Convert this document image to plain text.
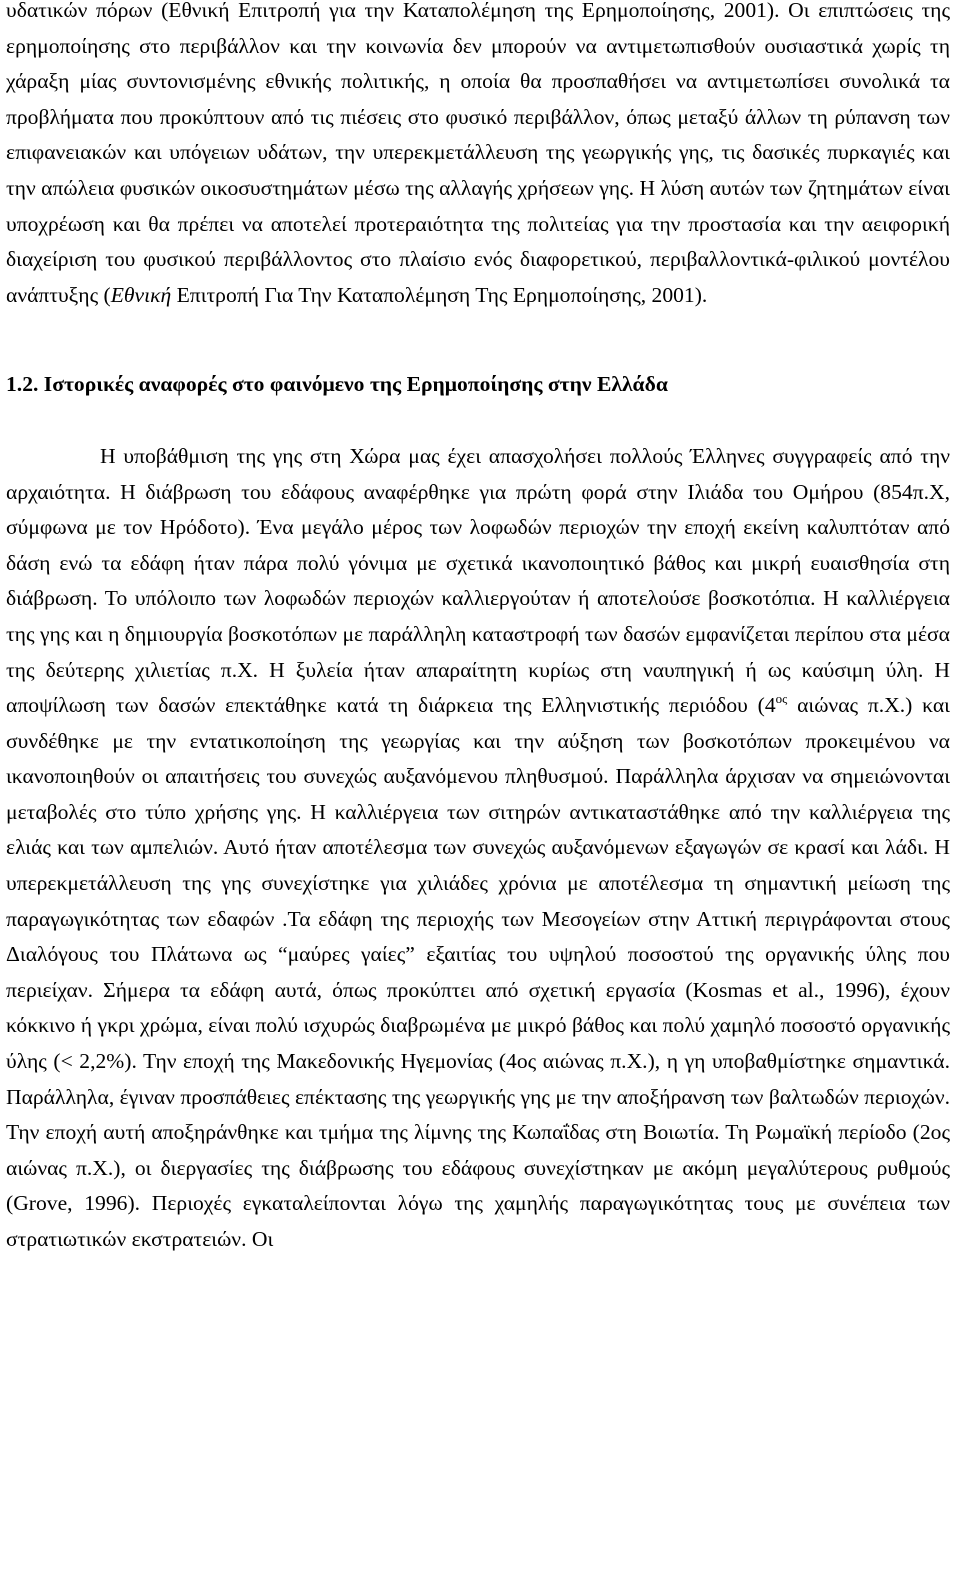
υδατικών πόρων (Εθνική Επιτροπή για την Καταπολέμηση της Ερημοποίησης, 2001). Οι επιπτώσεις της ερημοποίησης στο περιβάλλον και την κοινωνία δεν μπορούν να αντιμετωπισθούν ουσιαστικά χωρίς τη χάραξη μίας συντονισμένης εθνικής πολιτικής, η οποία θα προσπαθήσει να αντιμετωπίσει συνολικά τα προβλήματα που προκύπτουν από τις πιέσεις στο φυσικό περιβάλλον, όπως μεταξύ άλλων τη ρύπανση των επιφανειακών και υπόγειων υδάτων, την υπερεκμετάλλευση της γεωργικής γης, τις δασικές πυρκαγιές και την απώλεια φυσικών οικοσυστημάτων μέσω της αλλαγής χρήσεων γης. Η λύση αυτών των ζητημάτων είναι υποχρέωση και θα πρέπει να αποτελεί προτεραιότητα της πολιτείας για την προστασία και την αειφορική διαχείριση του φυσικού περιβάλλοντος στο πλαίσιο ενός διαφορετικού, περιβαλλοντικά-φιλικού μοντέλου ανάπτυξης (Εθνική Επιτροπή Για Την Καταπολέμηση Της Ερημοποίησης, 2001).

1.2. Ιστορικές αναφορές στο φαινόμενο της Ερημοποίησης στην Ελλάδα

Η υποβάθμιση της γης στη Χώρα μας έχει απασχολήσει πολλούς Έλληνες συγγραφείς από την αρχαιότητα. Η διάβρωση του εδάφους αναφέρθηκε για πρώτη φορά στην Ιλιάδα του Ομήρου (854π.Χ, σύμφωνα με τον Ηρόδοτο). Ένα μεγάλο μέρος των λοφωδών περιοχών την εποχή εκείνη καλυπτόταν από δάση ενώ τα εδάφη ήταν πάρα πολύ γόνιμα με σχετικά ικανοποιητικό βάθος και μικρή ευαισθησία στη διάβρωση. Το υπόλοιπο των λοφωδών περιοχών καλλιεργούταν ή αποτελούσε βοσκοτόπια. Η καλλιέργεια της γης και η δημιουργία βοσκοτόπων με παράλληλη καταστροφή των δασών εμφανίζεται περίπου στα μέσα της δεύτερης χιλιετίας π.Χ. Η ξυλεία ήταν απαραίτητη κυρίως στη ναυπηγική ή ως καύσιμη ύλη. Η αποψίλωση των δασών επεκτάθηκε κατά τη διάρκεια της Ελληνιστικής περιόδου ($4^{o\varsigma}$ αιώνας π.Χ.) και συνδέθηκε με την εντατικοποίηση της γεωργίας και την αύξηση των βοσκοτόπων προκειμένου να ικανοποιηθούν οι απαιτήσεις του συνεχώς αυξανόμενου πληθυσμού. Παράλληλα άρχισαν να σημειώνονται μεταβολές στο τύπο χρήσης γης. Η καλλιέργεια των σιτηρών αντικαταστάθηκε από την καλλιέργεια της ελιάς και των αμπελιών. Αυτό ήταν αποτέλεσμα των συνεχώς αυξανόμενων εξαγωγών σε κρασί και λάδι. Η υπερεκμετάλλευση της γης συνεχίστηκε για χιλιάδες χρόνια με αποτέλεσμα τη σημαντική μείωση της παραγωγικότητας των εδαφών .Τα εδάφη της περιοχής των Μεσογείων στην Αττική περιγράφονται στους Διαλόγους του Πλάτωνα ως “μαύρες γαίες” εξαιτίας του υψηλού ποσοστού της οργανικής ύλης που περιείχαν. Σήμερα τα εδάφη αυτά, όπως προκύπτει από σχετική εργασία (Kosmas et al., 1996), έχουν κόκκινο ή γκρι χρώμα, είναι πολύ ισχυρώς διαβρωμένα με μικρό βάθος και πολύ χαμηλό ποσοστό οργανικής ύλης (< 2,2%). Την εποχή της Μακεδονικής Ηγεμονίας (4ος αιώνας π.Χ.), η γη υποβαθμίστηκε σημαντικά. Παράλληλα, έγιναν προσπάθειες επέκτασης της γεωργικής γης με την αποξήρανση των βαλτωδών περιοχών. Την εποχή αυτή αποξηράνθηκε και τμήμα της λίμνης της Κωπαΐδας στη Βοιωτία. Τη Ρωμαϊκή περίοδο (2ος αιώνας π.Χ.), οι διεργασίες της διάβρωσης του εδάφους συνεχίστηκαν με ακόμη μεγαλύτερους ρυθμούς (Grove, 1996). Περιοχές εγκαταλείπονται λόγω της χαμηλής παραγωγικότητας τους με συνέπεια των στρατιωτικών εκστρατειών. Οι
